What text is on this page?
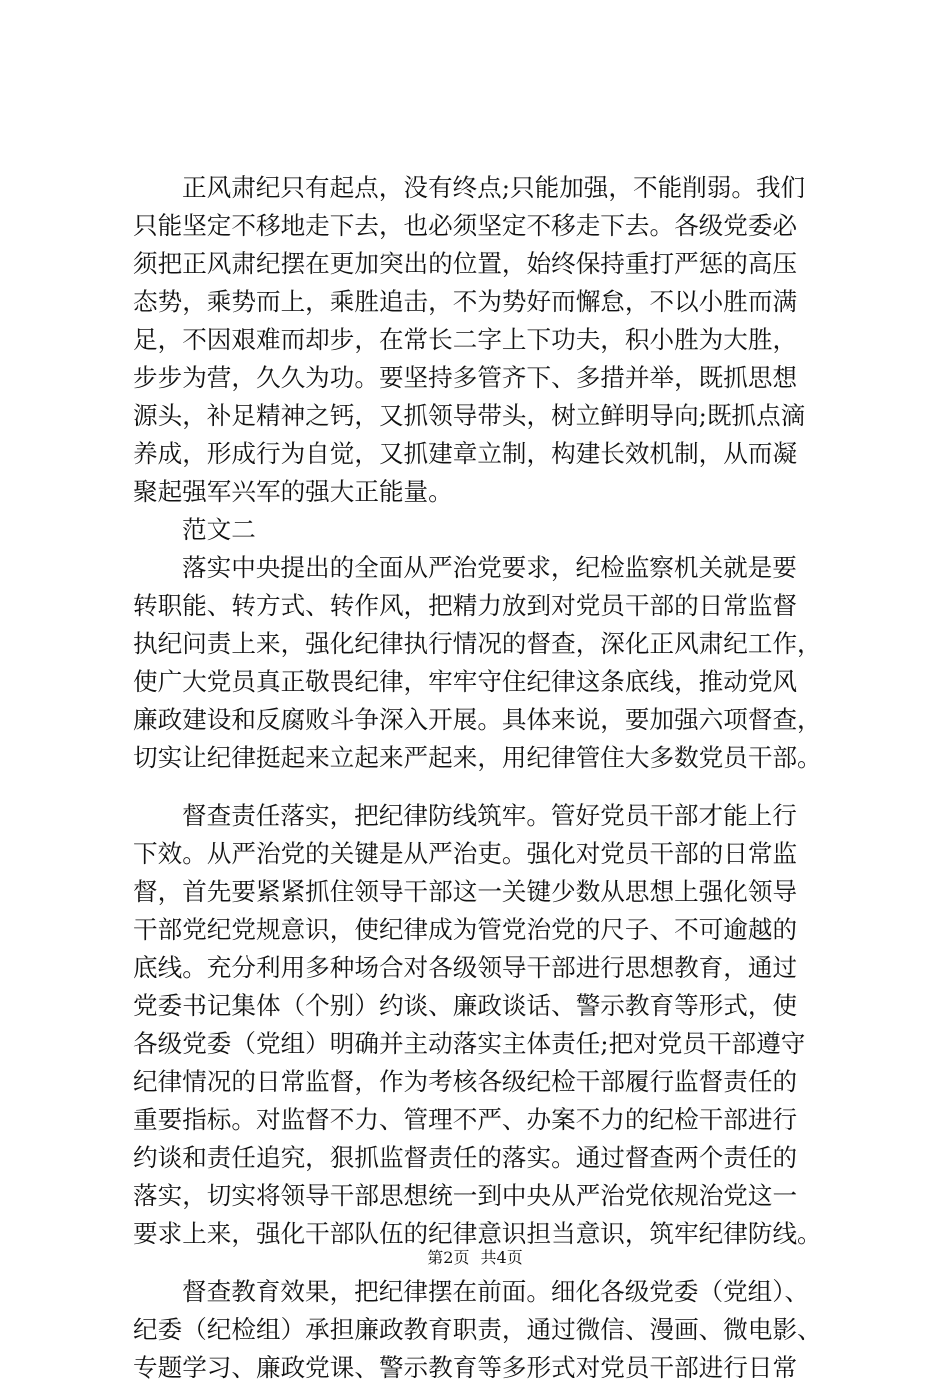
正风肃纪只有起点，没有终点;只能加强，不能削弱。我们
只能坚定不移地走下去，也必须坚定不移走下去。各级党委必
须把正风肃纪摆在更加突出的位置，始终保持重打严惩的高压
态势，乘势而上，乘胜追击，不为势好而懈怠，不以小胜而满
足，不因艰难而却步，在常长二字上下功夫，积小胜为大胜，
步步为营，久久为功。要坚持多管齐下、多措并举，既抓思想
源头，补足精神之钙，又抓领导带头，树立鲜明导向;既抓点滴
养成，形成行为自觉，又抓建章立制，构建长效机制，从而凝
聚起强军兴军的强大正能量。
范文二
落实中央提出的全面从严治党要求，纪检监察机关就是要
转职能、转方式、转作风，把精力放到对党员干部的日常监督
执纪问责上来，强化纪律执行情况的督查，深化正风肃纪工作，
使广大党员真正敬畏纪律，牢牢守住纪律这条底线，推动党风
廉政建设和反腐败斗争深入开展。具体来说，要加强六项督查，
切实让纪律挺起来立起来严起来，用纪律管住大多数党员干部。
督查责任落实，把纪律防线筑牢。管好党员干部才能上行
下效。从严治党的关键是从严治吏。强化对党员干部的日常监
督，首先要紧紧抓住领导干部这一关键少数从思想上强化领导
干部党纪党规意识，使纪律成为管党治党的尺子、不可逾越的
底线。充分利用多种场合对各级领导干部进行思想教育，通过
党委书记集体（个别）约谈、廉政谈话、警示教育等形式，使
各级党委（党组）明确并主动落实主体责任;把对党员干部遵守
纪律情况的日常监督，作为考核各级纪检干部履行监督责任的
重要指标。对监督不力、管理不严、办案不力的纪检干部进行
约谈和责任追究，狠抓监督责任的落实。通过督查两个责任的
落实，切实将领导干部思想统一到中央从严治党依规治党这一
要求上来，强化干部队伍的纪律意识担当意识，筑牢纪律防线。
督查教育效果，把纪律摆在前面。细化各级党委（党组）、
纪委（纪检组）承担廉政教育职责，通过微信、漫画、微电影、
专题学习、廉政党课、警示教育等多形式对党员干部进行日常
第2页 共4页
